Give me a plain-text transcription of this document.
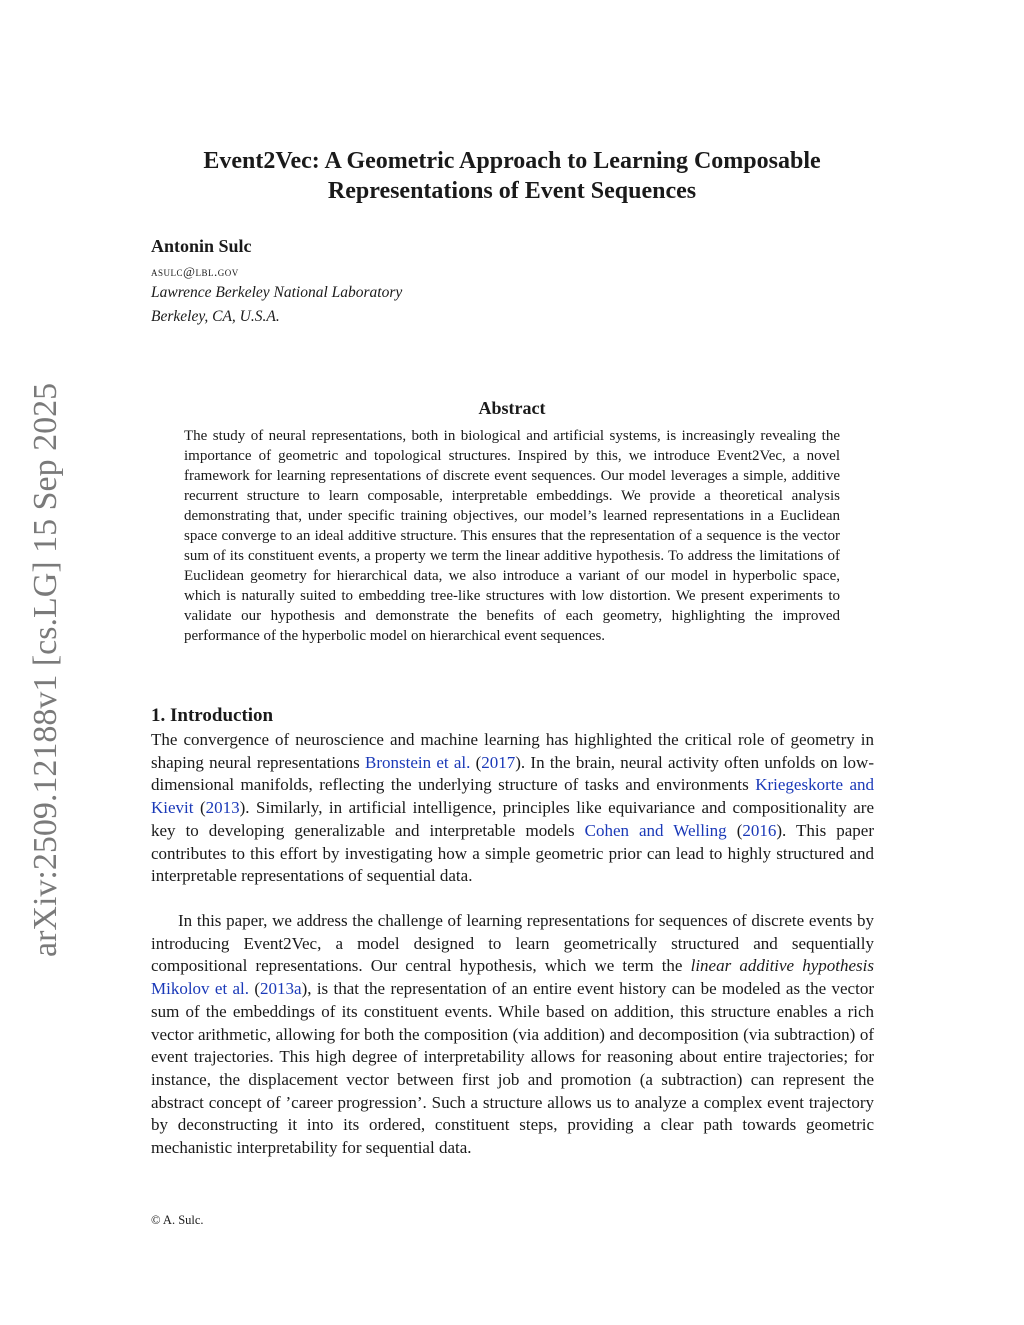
arXiv:2509.12188v1 [cs.LG] 15 Sep 2025
Event2Vec: A Geometric Approach to Learning Composable
Representations of Event Sequences
Antonin Sulc
asulc@lbl.gov
Lawrence Berkeley National Laboratory
Berkeley, CA, U.S.A.
Abstract

The study of neural representations, both in biological and artificial systems, is increasingly revealing the importance of geometric and topological structures. Inspired by this, we introduce Event2Vec, a novel framework for learning representations of discrete event sequences. Our model leverages a simple, additive recurrent structure to learn composable, interpretable embeddings. We provide a theoretical analysis demonstrating that, under specific training objectives, our model’s learned representations in a Euclidean space converge to an ideal additive structure. This ensures that the representation of a sequence is the vector sum of its constituent events, a property we term the linear additive hypothesis. To address the limitations of Euclidean geometry for hierarchical data, we also introduce a variant of our model in hyperbolic space, which is naturally suited to embedding tree-like structures with low distortion. We present experiments to validate our hypothesis and demonstrate the benefits of each geometry, highlighting the improved performance of the hyperbolic model on hierarchical event sequences.

1. Introduction

The convergence of neuroscience and machine learning has highlighted the critical role of geometry in shaping neural representations Bronstein et al. (2017). In the brain, neural activity often unfolds on low-dimensional manifolds, reflecting the underlying structure of tasks and environments Kriegeskorte and Kievit (2013). Similarly, in artificial intelligence, principles like equivariance and compositionality are key to developing generalizable and interpretable models Cohen and Welling (2016). This paper contributes to this effort by investigating how a simple geometric prior can lead to highly structured and interpretable representations of sequential data.

In this paper, we address the challenge of learning representations for sequences of discrete events by introducing Event2Vec, a model designed to learn geometrically structured and sequentially compositional representations. Our central hypothesis, which we term the linear additive hypothesis Mikolov et al. (2013a), is that the representation of an entire event history can be modeled as the vector sum of the embeddings of its constituent events. While based on addition, this structure enables a rich vector arithmetic, allowing for both the composition (via addition) and decomposition (via subtraction) of event trajectories. This high degree of interpretability allows for reasoning about entire trajectories; for instance, the displacement vector between first job and promotion (a subtraction) can represent the abstract concept of ’career progression’. Such a structure allows us to analyze a complex event trajectory by deconstructing it into its ordered, constituent steps, providing a clear path towards geometric mechanistic interpretability for sequential data.

© A. Sulc.
